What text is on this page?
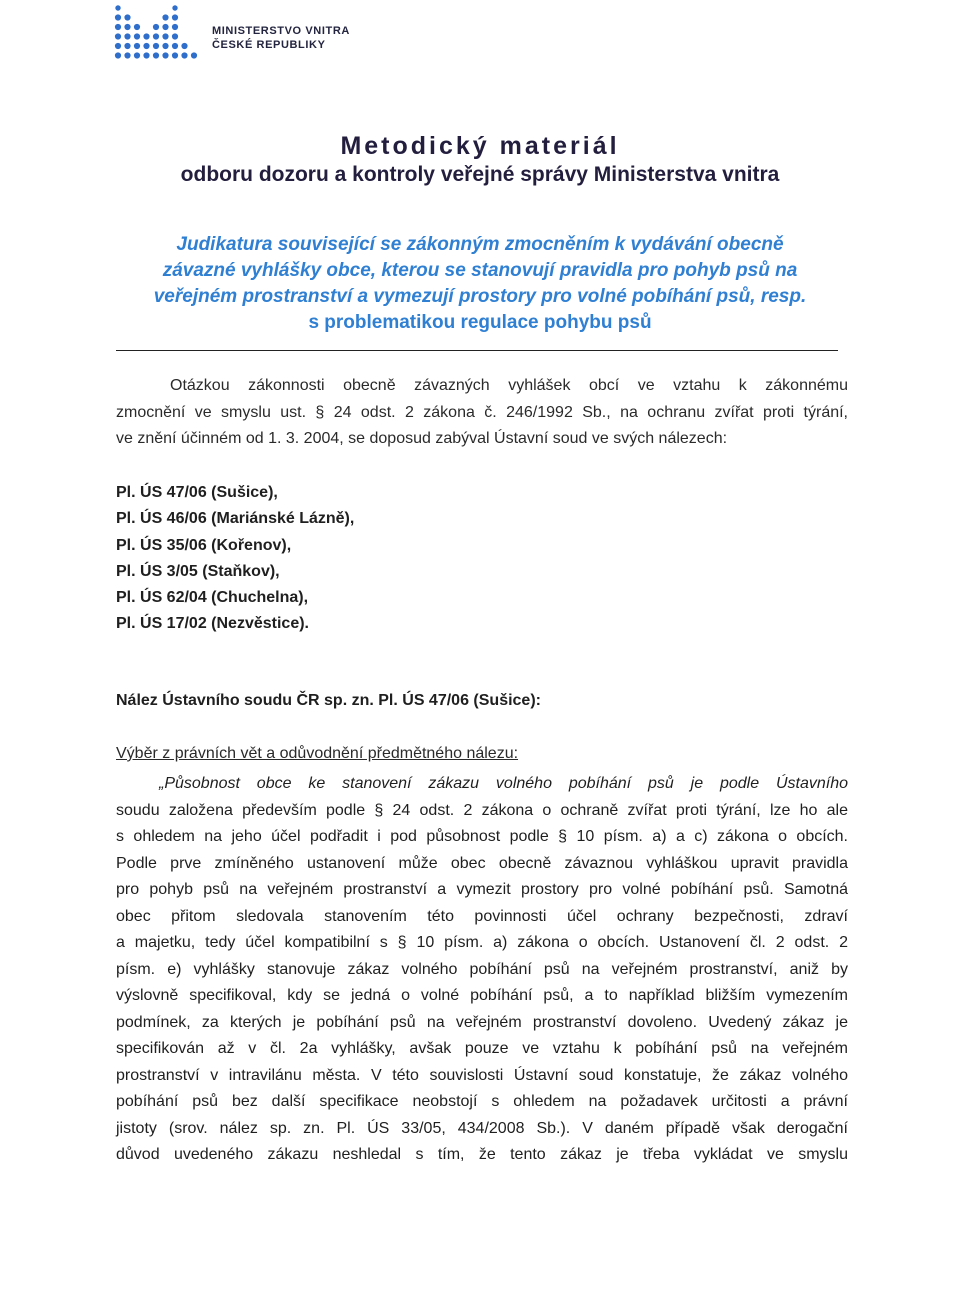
MINISTERSTVO VNITRA
ČESKÉ REPUBLIKY
Metodický materiál
odboru dozoru a kontroly veřejné správy Ministerstva vnitra
Judikatura související se zákonným zmocněním k vydávání obecně
závazné vyhlášky obce, kterou se stanovují pravidla pro pohyb psů na
veřejném prostranství a vymezují prostory pro volné pobíhání psů, resp.
s problematikou regulace pohybu psů
Otázkou zákonnosti obecně závazných vyhlášek obcí ve vztahu k zákonnému
zmocnění ve smyslu ust. § 24 odst. 2 zákona č. 246/1992 Sb., na ochranu zvířat proti týrání,
ve znění účinném od 1. 3. 2004, se doposud zabýval Ústavní soud ve svých nálezech:
Pl. ÚS 47/06 (Sušice),
Pl. ÚS 46/06 (Mariánské Lázně),
Pl. ÚS 35/06 (Kořenov),
Pl. ÚS 3/05 (Staňkov),
Pl. ÚS 62/04 (Chuchelna),
Pl. ÚS 17/02 (Nezvěstice).
Nález Ústavního soudu ČR sp. zn. Pl. ÚS 47/06 (Sušice):
Výběr z právních vět a odůvodnění předmětného nálezu:
„Působnost obce ke stanovení zákazu volného pobíhání psů je podle Ústavního
soudu založena především podle § 24 odst. 2 zákona o ochraně zvířat proti týrání, lze ho ale
s ohledem na jeho účel podřadit i pod působnost podle § 10 písm. a) a c) zákona o obcích.
Podle prve zmíněného ustanovení může obec obecně závaznou vyhláškou upravit pravidla
pro pohyb psů na veřejném prostranství a vymezit prostory pro volné pobíhání psů. Samotná
obec přitom sledovala stanovením této povinnosti účel ochrany bezpečnosti, zdraví
a majetku, tedy účel kompatibilní s § 10 písm. a) zákona o obcích. Ustanovení čl. 2 odst. 2
písm. e) vyhlášky stanovuje zákaz volného pobíhání psů na veřejném prostranství, aniž by
výslovně specifikoval, kdy se jedná o volné pobíhání psů, a to například bližším vymezením
podmínek, za kterých je pobíhání psů na veřejném prostranství dovoleno. Uvedený zákaz je
specifikován až v čl. 2a vyhlášky, avšak pouze ve vztahu k pobíhání psů na veřejném
prostranství v intravilánu města. V této souvislosti Ústavní soud konstatuje, že zákaz volného
pobíhání psů bez další specifikace neobstojí s ohledem na požadavek určitosti a právní
jistoty (srov. nález sp. zn. Pl. ÚS 33/05, 434/2008 Sb.). V daném případě však derogační
důvod uvedeného zákazu neshledal s tím, že tento zákaz je třeba vykládat ve smyslu
